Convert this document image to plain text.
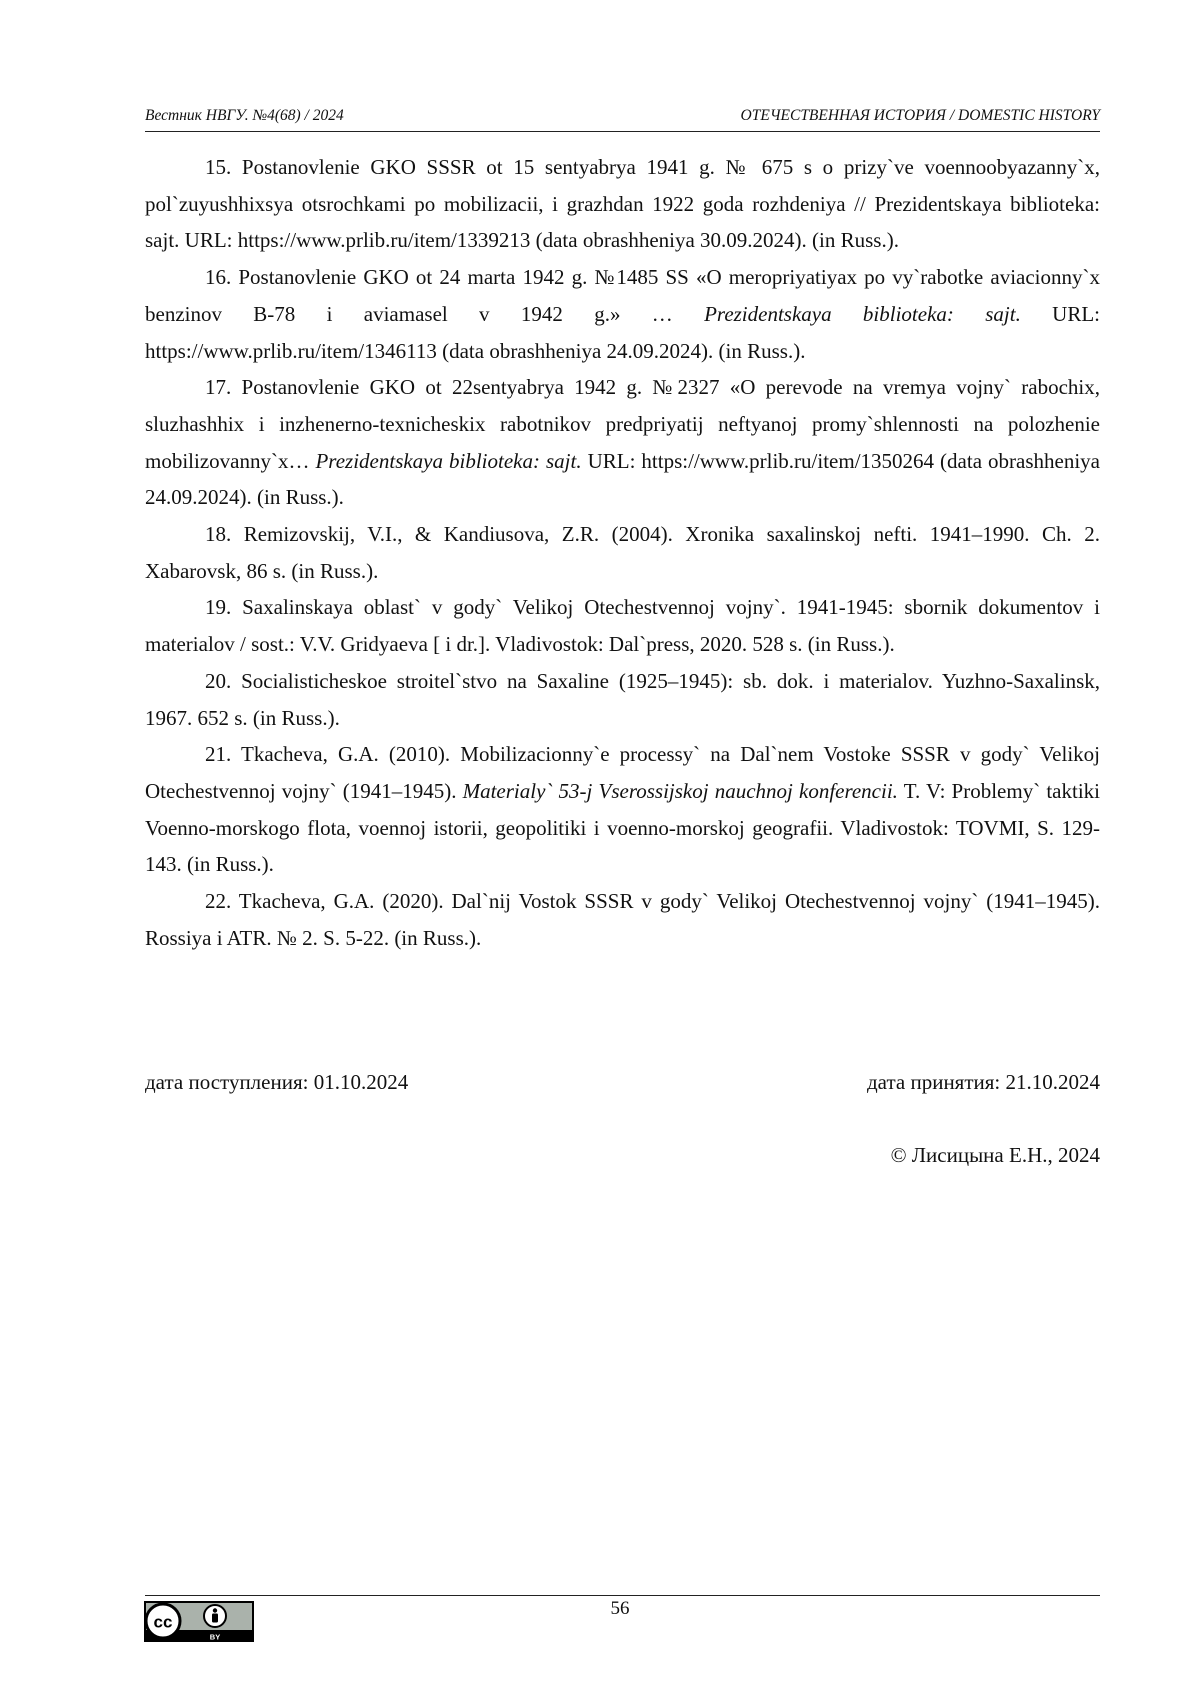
Вестник НВГУ. №4(68) / 2024	ОТЕЧЕСТВЕННАЯ ИСТОРИЯ / DOMESTIC HISTORY

15. Postanovlenie GKO SSSR ot 15 sentyabrya 1941 g. № 675 s o prizy`ve voennoobyazanny`x, pol`zuyushhixsya otsrochkami po mobilizacii, i grazhdan 1922 goda rozhdeniya // Prezidentskaya biblioteka: sajt. URL: https://www.prlib.ru/item/1339213 (data obrashheniya 30.09.2024). (in Russ.).

16. Postanovlenie GKO ot 24 marta 1942 g. №1485 SS «O meropriyatiyax po vy`rabotke aviacionny`x benzinov B-78 i aviamasel v 1942 g.» … Prezidentskaya biblioteka: sajt. URL: https://www.prlib.ru/item/1346113 (data obrashheniya 24.09.2024). (in Russ.).

17. Postanovlenie GKO ot 22sentyabrya 1942 g. №2327 «O perevode na vremya vojny` rabochix, sluzhashhix i inzhenerno-texnicheskix rabotnikov predpriyatij neftyanoj promy`shlennosti na polozhenie mobilizovanny`x… Prezidentskaya biblioteka: sajt. URL: https://www.prlib.ru/item/1350264 (data obrashheniya 24.09.2024). (in Russ.).

18. Remizovskij, V.I., & Kandiusova, Z.R. (2004). Xronika saxalinskoj nefti. 1941–1990. Ch. 2. Xabarovsk, 86 s. (in Russ.).

19. Saxalinskaya oblast` v gody` Velikoj Otechestvennoj vojny`. 1941-1945: sbornik dokumentov i materialov / sost.: V.V. Gridyaeva [ i dr.]. Vladivostok: Dal`press, 2020. 528 s. (in Russ.).

20. Socialisticheskoe stroitel`stvo na Saxaline (1925–1945): sb. dok. i materialov. Yuzhno-Saxalinsk, 1967. 652 s. (in Russ.).

21. Tkacheva, G.A. (2010). Mobilizacionny`e processy` na Dal`nem Vostoke SSSR v gody` Velikoj Otechestvennoj vojny` (1941–1945). Materialy` 53-j Vserossijskoj nauchnoj konferencii. T. V: Problemy` taktiki Voenno-morskogo flota, voennoj istorii, geopolitiki i voenno-morskoj geografii. Vladivostok: TOVMI, S. 129-143. (in Russ.).

22. Tkacheva, G.A. (2020). Dal`nij Vostok SSSR v gody` Velikoj Otechestvennoj vojny` (1941–1945). Rossiya i ATR. № 2. S. 5-22. (in Russ.).

дата поступления: 01.10.2024	дата принятия: 21.10.2024
© Лисицына Е.Н., 2024
cc
BY
56
